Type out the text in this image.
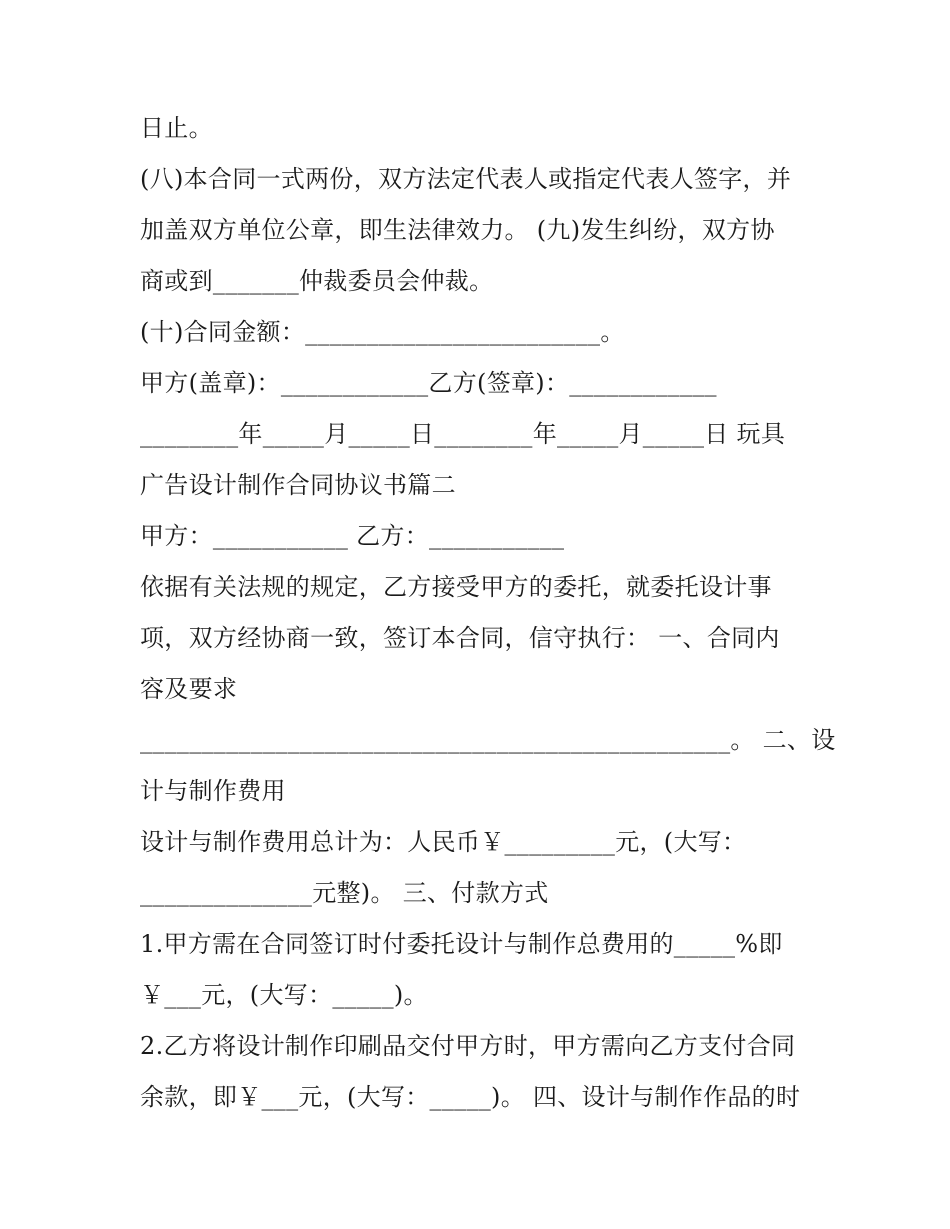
日止。
(八)本合同一式两份，双方法定代表人或指定代表人签字，并
加盖双方单位公章，即生法律效力。 (九)发生纠纷，双方协
商或到_______仲裁委员会仲裁。
(十)合同金额：________________________。
甲方(盖章)：____________乙方(签章)：____________
________年_____月_____日________年_____月_____日 玩具
广告设计制作合同协议书篇二
甲方：___________ 乙方：___________
依据有关法规的规定，乙方接受甲方的委托，就委托设计事
项，双方经协商一致，签订本合同，信守执行： 一、合同内
容及要求
________________________________________________。 二、设
计与制作费用
设计与制作费用总计为：人民币￥_________元，(大写：
______________元整)。 三、付款方式
1.甲方需在合同签订时付委托设计与制作总费用的_____%即
￥___元，(大写：_____)。
2.乙方将设计制作印刷品交付甲方时，甲方需向乙方支付合同
余款，即￥___元，(大写：_____)。 四、设计与制作作品的时
